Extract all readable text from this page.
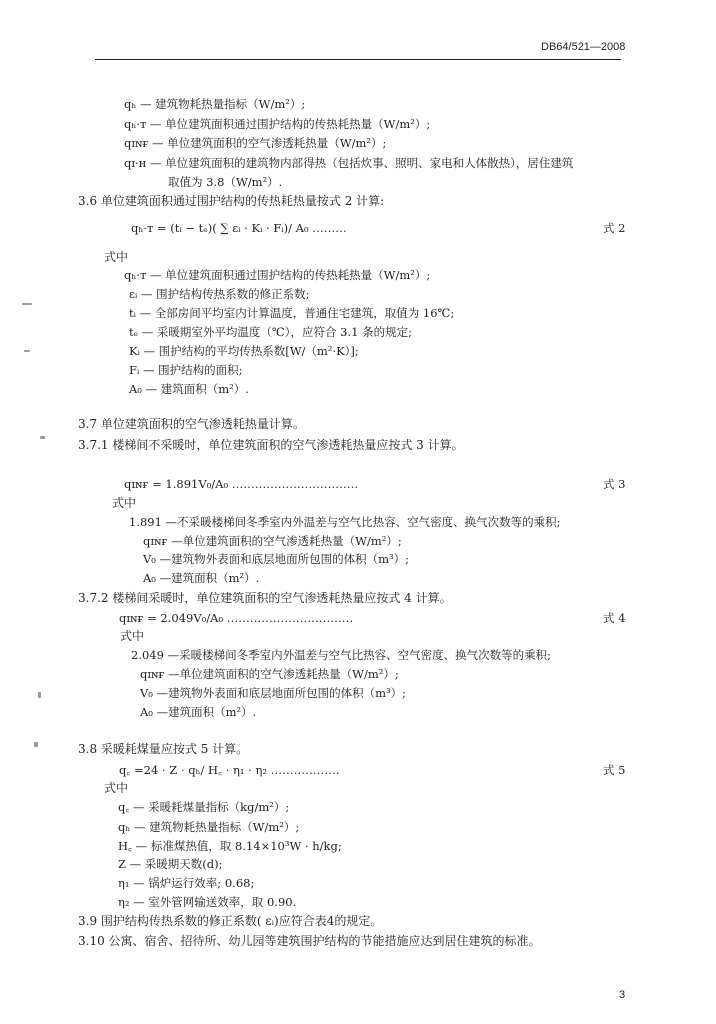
DB64/521—2008
qₕ — 建筑物耗热量指标（W/m²）;
qₕ·ᴛ — 单位建筑面积通过围护结构的传热耗热量（W/m²）;
qɪɴғ — 单位建筑面积的空气渗透耗热量（W/m²）;
qɪ·ʜ — 单位建筑面积的建筑物内部得热（包括炊事、照明、家电和人体散热），居住建筑
取值为 3.8（W/m²）.
3.6 单位建筑面积通过围护结构的传热耗热量按式 2 计算:
qₕ·ᴛ = (tᵢ − tₑ)( ∑ εᵢ · Kᵢ · Fᵢ)/ A₀ ………	式 2
式中
qₕ·ᴛ — 单位建筑面积通过围护结构的传热耗热量（W/m²）;
εᵢ — 围护结构传热系数的修正系数;
tᵢ — 全部房间平均室内计算温度，普通住宅建筑，取值为 16℃;
tₑ — 采暖期室外平均温度（℃），应符合 3.1 条的规定;
Kᵢ — 围护结构的平均传热系数[W/（m²·K）];
Fᵢ — 围护结构的面积;
A₀ — 建筑面积（m²）.
3.7 单位建筑面积的空气渗透耗热量计算。
3.7.1 楼梯间不采暖时，单位建筑面积的空气渗透耗热量应按式 3 计算。
qɪɴғ = 1.891V₀/A₀ ……………………………	式 3
式中
1.891 —不采暖楼梯间冬季室内外温差与空气比热容、空气密度、换气次数等的乘积;
qɪɴғ —单位建筑面积的空气渗透耗热量（W/m²）;
V₀ —建筑物外表面和底层地面所包围的体积（m³）;
A₀ —建筑面积（m²）.
3.7.2 楼梯间采暖时，单位建筑面积的空气渗透耗热量应按式 4 计算。
qɪɴғ = 2.049V₀/A₀ ……………………………	式 4
式中
2.049 —采暖楼梯间冬季室内外温差与空气比热容、空气密度、换气次数等的乘积;
qɪɴғ —单位建筑面积的空气渗透耗热量（W/m²）;
V₀ —建筑物外表面和底层地面所包围的体积（m³）;
A₀ —建筑面积（m²）.
3.8 采暖耗煤量应按式 5 计算。
q꜀ =24 · Z · qₕ/ H꜀ · η₁ · η₂ ………………	式 5
式中
q꜀ — 采暖耗煤量指标（kg/m²）;
qₕ — 建筑物耗热量指标（W/m²）;
H꜀ — 标准煤热值，取 8.14×10³W · h/kg;
Z — 采暖期天数(d);
η₁ — 锅炉运行效率; 0.68;
η₂ — 室外管网输送效率，取 0.90.
3.9 围护结构传热系数的修正系数( εᵢ)应符合表4的规定。
3.10 公寓、宿舍、招待所、幼儿园等建筑围护结构的节能措施应达到居住建筑的标准。
3
